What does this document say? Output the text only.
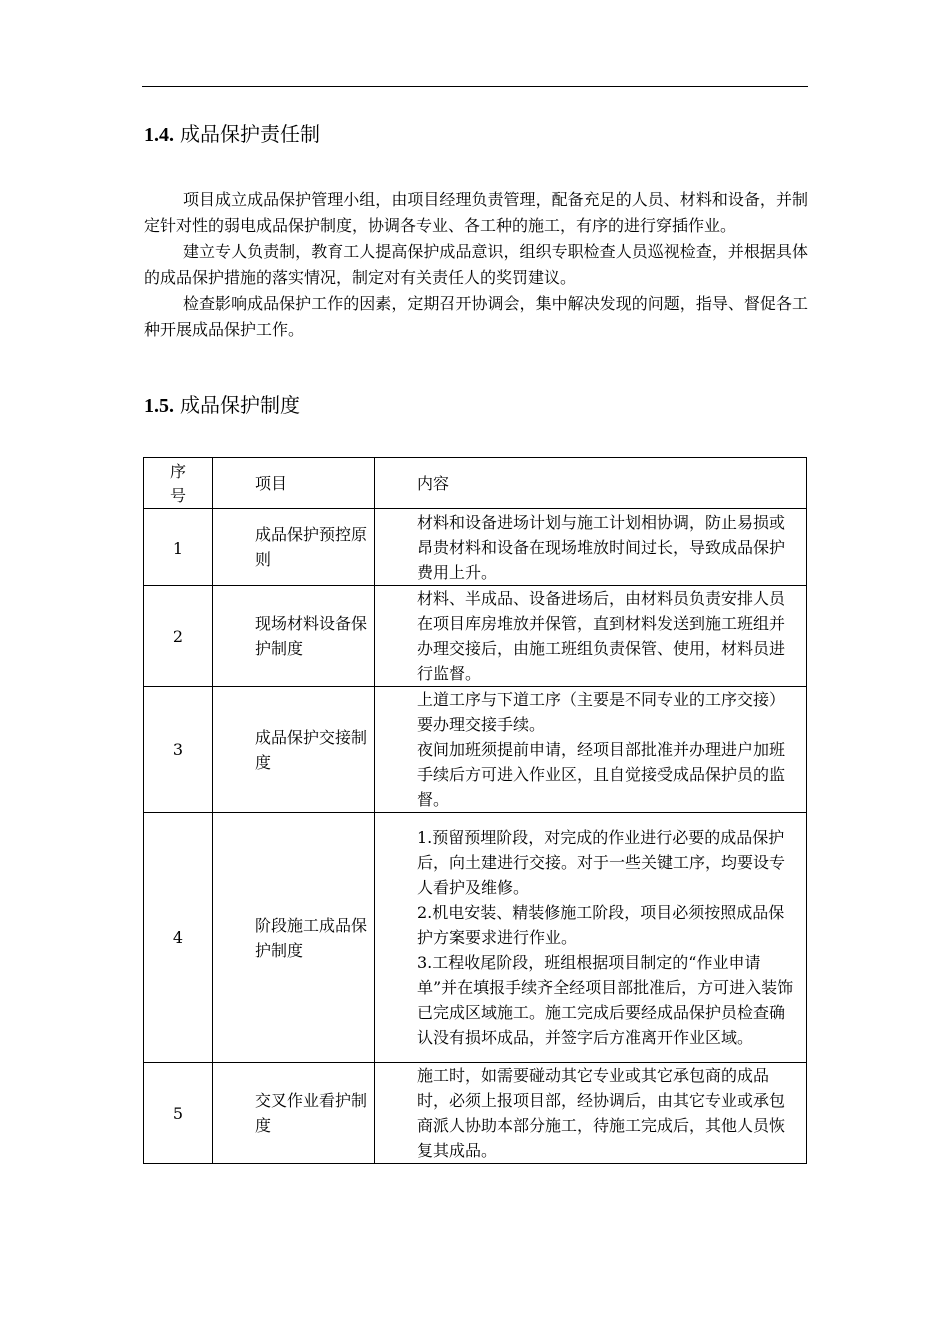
1.4. 成品保护责任制

项目成立成品保护管理小组，由项目经理负责管理，配备充足的人员、材料和设备，并制定针对性的弱电成品保护制度，协调各专业、各工种的施工，有序的进行穿插作业。

建立专人负责制，教育工人提高保护成品意识，组织专职检查人员巡视检查，并根据具体的成品保护措施的落实情况，制定对有关责任人的奖罚建议。

检查影响成品保护工作的因素，定期召开协调会，集中解决发现的问题，指导、督促各工种开展成品保护工作。

1.5. 成品保护制度
序号	项目	内容

1	成品保护预控原则	材料和设备进场计划与施工计划相协调，防止易损或昂贵材料和设备在现场堆放时间过长，导致成品保护费用上升。

2	现场材料设备保护制度	材料、半成品、设备进场后，由材料员负责安排人员在项目库房堆放并保管，直到材料发送到施工班组并办理交接后，由施工班组负责保管、使用，材料员进行监督。

3	成品保护交接制度	上道工序与下道工序（主要是不同专业的工序交接）要办理交接手续。
夜间加班须提前申请，经项目部批准并办理进户加班手续后方可进入作业区，且自觉接受成品保护员的监督。

4	阶段施工成品保护制度	1.预留预埋阶段，对完成的作业进行必要的成品保护后，向土建进行交接。对于一些关键工序，均要设专人看护及维修。
2.机电安装、精装修施工阶段，项目必须按照成品保护方案要求进行作业。
3.工程收尾阶段，班组根据项目制定的“作业申请单”并在填报手续齐全经项目部批准后，方可进入装饰已完成区域施工。施工完成后要经成品保护员检查确认没有损坏成品，并签字后方准离开作业区域。

5	交叉作业看护制度	施工时，如需要碰动其它专业或其它承包商的成品时，必须上报项目部，经协调后，由其它专业或承包商派人协助本部分施工，待施工完成后，其他人员恢复其成品。
